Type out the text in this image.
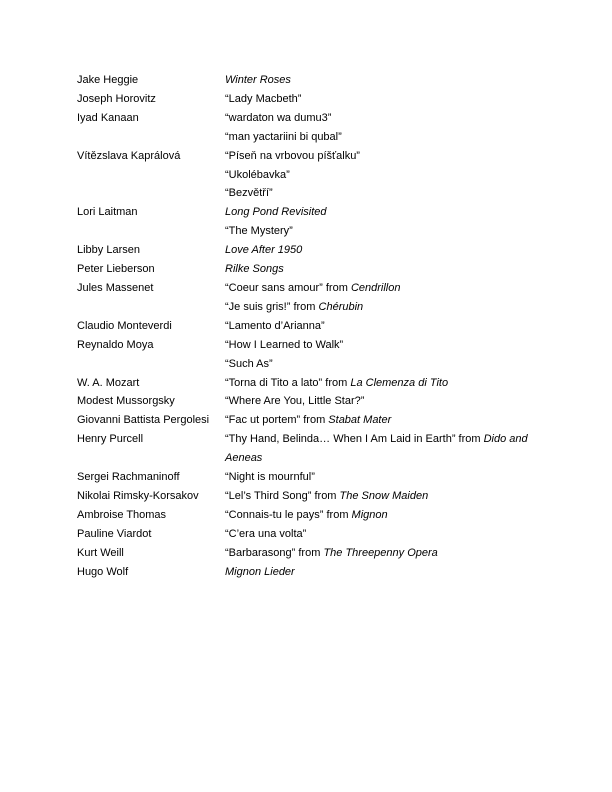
Jake Heggie	Winter Roses
Joseph Horovitz	“Lady Macbeth”
Iyad Kanaan	“wardaton wa dumu3”
“man yactariini bi qubal”
Vítězslava Kaprálová	“Píseň na vrbovou píšťalku”
“Ukolébavka”
“Bezvětří”
Lori Laitman	Long Pond Revisited
“The Mystery”
Libby Larsen	Love After 1950
Peter Lieberson	Rilke Songs
Jules Massenet	“Coeur sans amour” from Cendrillon
“Je suis gris!” from Chérubin
Claudio Monteverdi	“Lamento d’Arianna”
Reynaldo Moya	“How I Learned to Walk”
“Such As”
W. A. Mozart	“Torna di Tito a lato” from La Clemenza di Tito
Modest Mussorgsky	“Where Are You, Little Star?”
Giovanni Battista Pergolesi	“Fac ut portem” from Stabat Mater
Henry Purcell	“Thy Hand, Belinda… When I Am Laid in Earth” from Dido and Aeneas
Sergei Rachmaninoff	“Night is mournful”
Nikolai Rimsky-Korsakov	“Lel’s Third Song” from The Snow Maiden
Ambroise Thomas	“Connais-tu le pays” from Mignon
Pauline Viardot	“C’era una volta”
Kurt Weill	“Barbarasong” from The Threepenny Opera
Hugo Wolf	Mignon Lieder
